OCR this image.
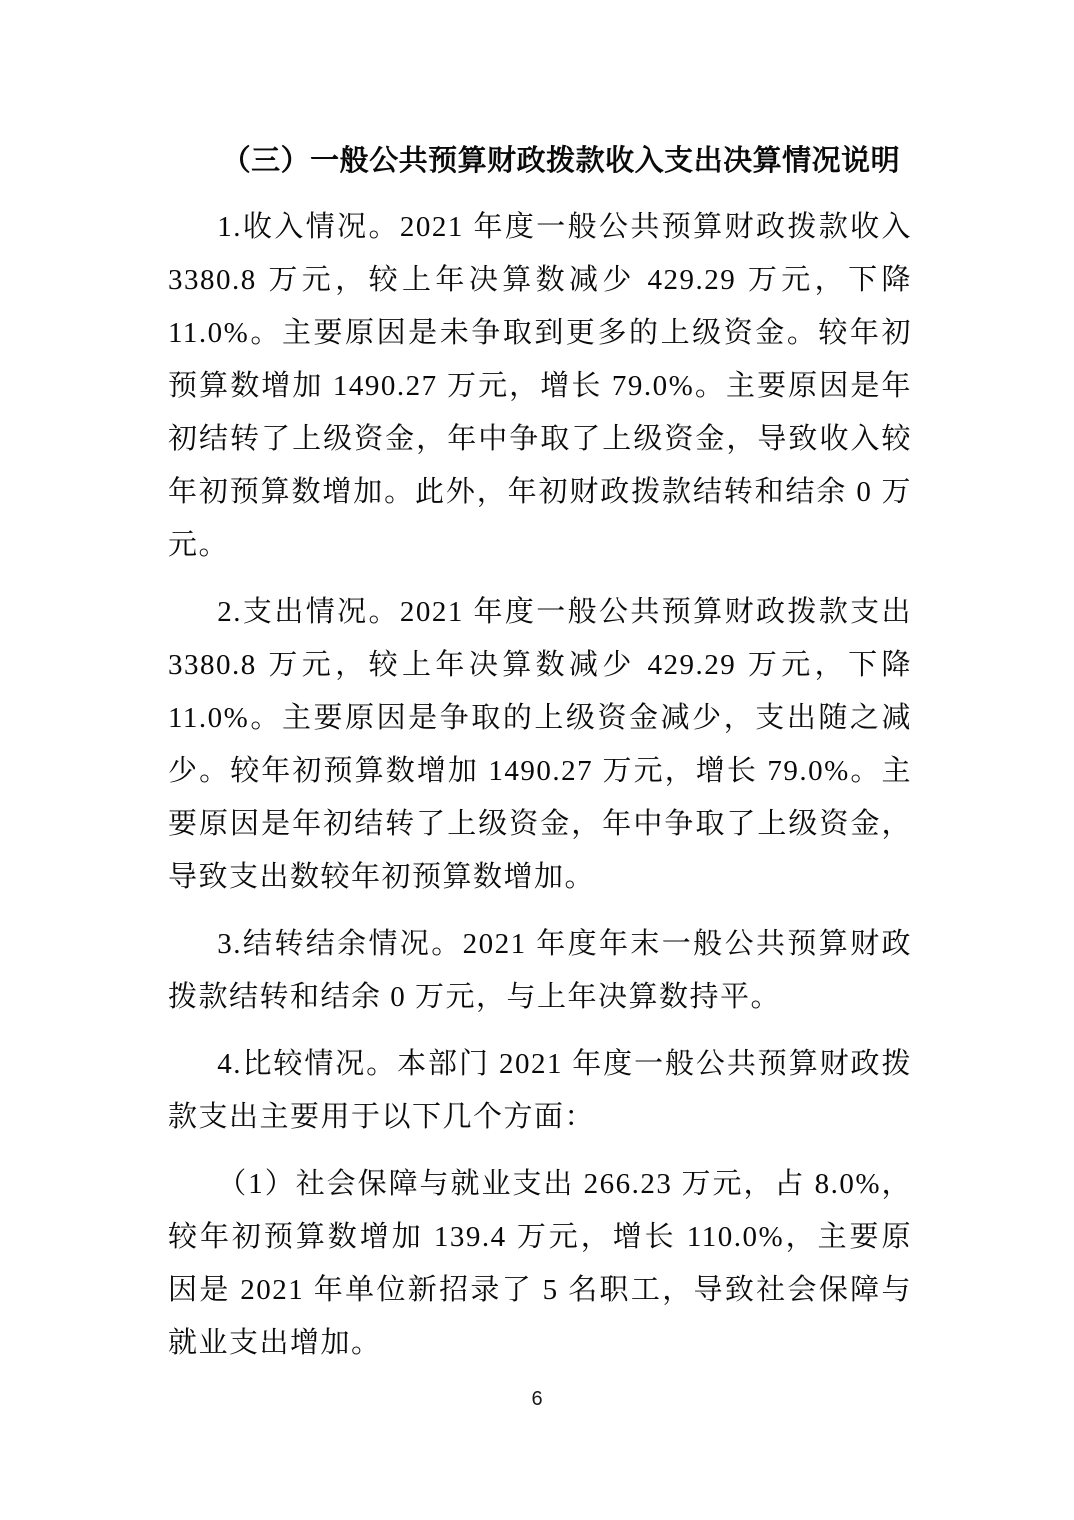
（三）一般公共预算财政拨款收入支出决算情况说明

1.收入情况。2021 年度一般公共预算财政拨款收入 3380.8 万元，较上年决算数减少 429.29 万元，下降 11.0%。主要原因是未争取到更多的上级资金。较年初预算数增加 1490.27 万元，增长 79.0%。主要原因是年初结转了上级资金，年中争取了上级资金，导致收入较年初预算数增加。此外，年初财政拨款结转和结余 0 万元。

2.支出情况。2021 年度一般公共预算财政拨款支出 3380.8 万元，较上年决算数减少 429.29 万元，下降 11.0%。主要原因是争取的上级资金减少，支出随之减少。较年初预算数增加 1490.27 万元，增长 79.0%。主要原因是年初结转了上级资金，年中争取了上级资金，导致支出数较年初预算数增加。

3.结转结余情况。2021 年度年末一般公共预算财政拨款结转和结余 0 万元，与上年决算数持平。

4.比较情况。本部门 2021 年度一般公共预算财政拨款支出主要用于以下几个方面：

（1）社会保障与就业支出 266.23 万元，占 8.0%，较年初预算数增加 139.4 万元，增长 110.0%，主要原因是 2021 年单位新招录了 5 名职工，导致社会保障与就业支出增加。

6
